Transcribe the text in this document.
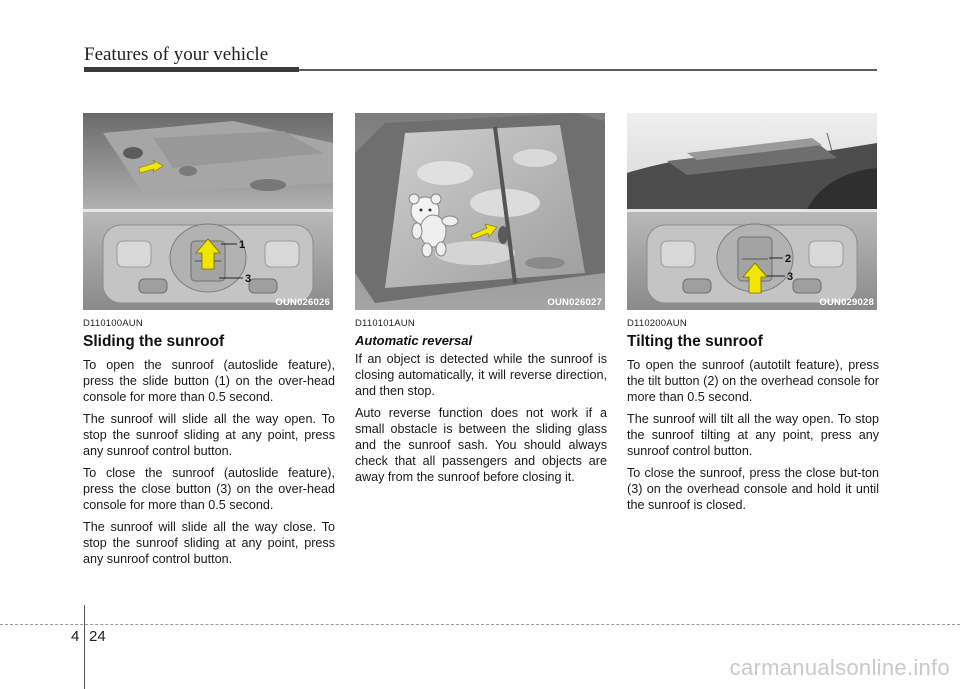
Features of your vehicle
1
3
OUN026026	OUN026027
2
3
OUN029028

D110100AUN

Sliding the sunroof

To open the sunroof (autoslide feature), press the slide button (1) on the over-head console for more than 0.5 second.

The sunroof will slide all the way open. To stop the sunroof sliding at any point, press any sunroof control button.

To close the sunroof (autoslide feature), press the close button (3) on the over-head console for more than 0.5 second.

The sunroof will slide all the way close. To stop the sunroof sliding at any point, press any sunroof control button.

D110101AUN

Automatic reversal

If an object is detected while the sunroof is closing automatically, it will reverse direction, and then stop.

Auto reverse function does not work if a small obstacle is between the sliding glass and the sunroof sash. You should always check that all passengers and objects are away from the sunroof before closing it.

D110200AUN

Tilting the sunroof

To open the sunroof (autotilt feature), press the tilt button (2) on the overhead console for more than 0.5 second.

The sunroof will tilt all the way open. To stop the sunroof tilting at any point, press any sunroof control button.

To close the sunroof, press the close but-ton (3) on the overhead console and hold it until the sunroof is closed.

4 24
carmanualsonline.info
